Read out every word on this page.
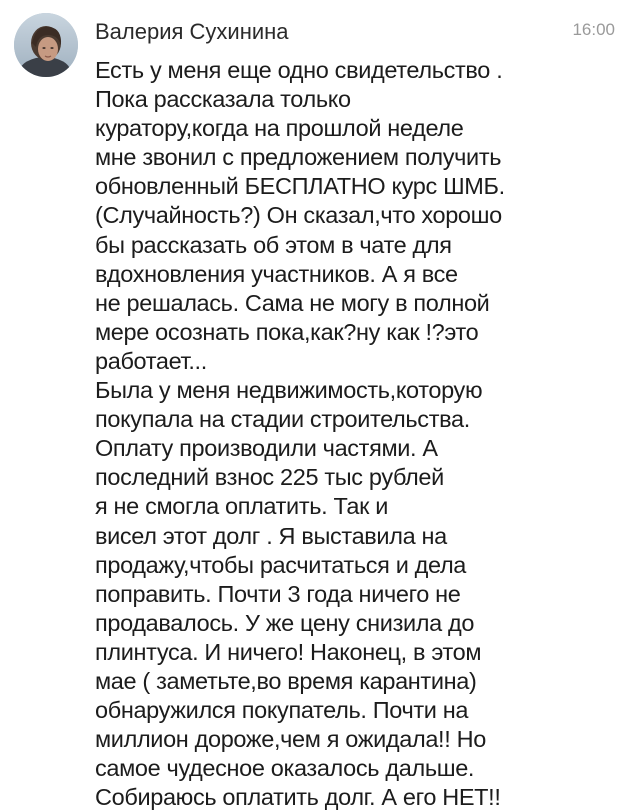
Валерия Сухинина	16:00
Есть у меня еще одно свидетельство .
Пока рассказала только
куратору,когда на прошлой неделе
мне звонил с предложением получить
обновленный БЕСПЛАТНО курс ШМБ.
(Случайность?) Он сказал,что хорошо
бы рассказать об этом в чате для
вдохновления участников. А я все
не решалась. Сама не могу в полной
мере осознать пока,как?ну как !?это
работает...
Была у меня недвижимость,которую
покупала на стадии строительства.
Оплату производили частями. А
последний взнос 225 тыс рублей
я не смогла оплатить. Так и
висел этот долг . Я выставила на
продажу,чтобы расчитаться и дела
поправить. Почти 3 года ничего не
продавалось. У же цену снизила до
плинтуса. И ничего! Наконец, в этом
мае ( заметьте,во время карантина)
обнаружился покупатель. Почти на
миллион дороже,чем я ожидала!! Но
самое чудесное оказалось дальше.
Собираюсь оплатить долг. А его НЕТ!!
